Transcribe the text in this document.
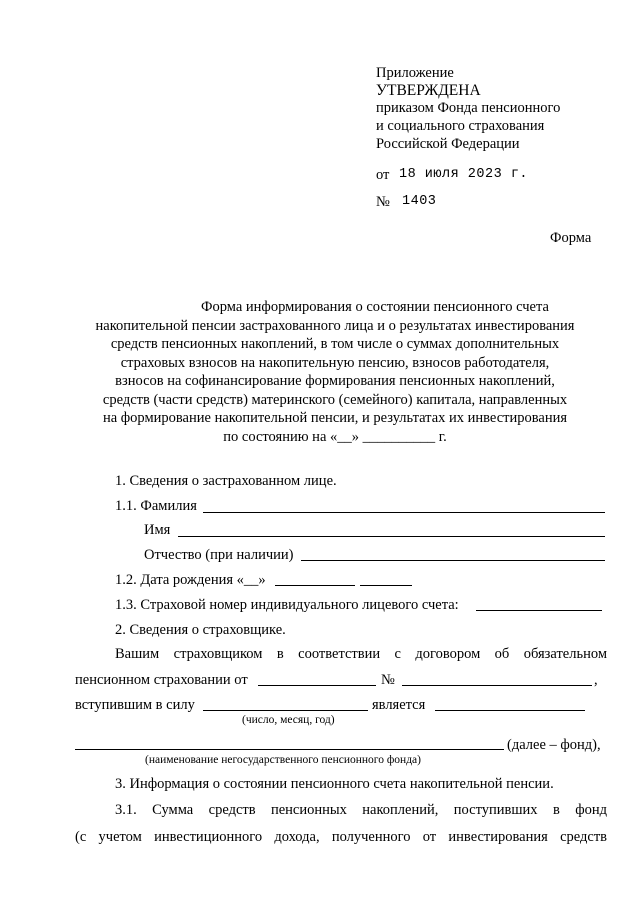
Приложение
УТВЕРЖДЕНА
приказом Фонда пенсионного
и социального страхования
Российской Федерации
от 18 июля 2023 г.
№ 1403
Форма
Форма информирования о состоянии пенсионного счета
накопительной пенсии застрахованного лица и о результатах инвестирования
средств пенсионных накоплений, в том числе о суммах дополнительных
страховых взносов на накопительную пенсию, взносов работодателя,
взносов на софинансирование формирования пенсионных накоплений,
средств (части средств) материнского (семейного) капитала, направленных
на формирование накопительной пенсии, и результатах их инвестирования
по состоянию на «__» __________ г.
1. Сведения о застрахованном лице.
1.1. Фамилия
Имя
Отчество (при наличии)
1.2. Дата рождения «__»
1.3. Страховой номер индивидуального лицевого счета:
2. Сведения о страховщике.
Вашим страховщиком в соответствии с договором об обязательном
пенсионном страховании от	№	,
вступившим в силу	является
(число, месяц, год)
(далее – фонд),
(наименование негосударственного пенсионного фонда)
3. Информация о состоянии пенсионного счета накопительной пенсии.
3.1. Сумма средств пенсионных накоплений, поступивших в фонд
(с учетом инвестиционного дохода, полученного от инвестирования средств
